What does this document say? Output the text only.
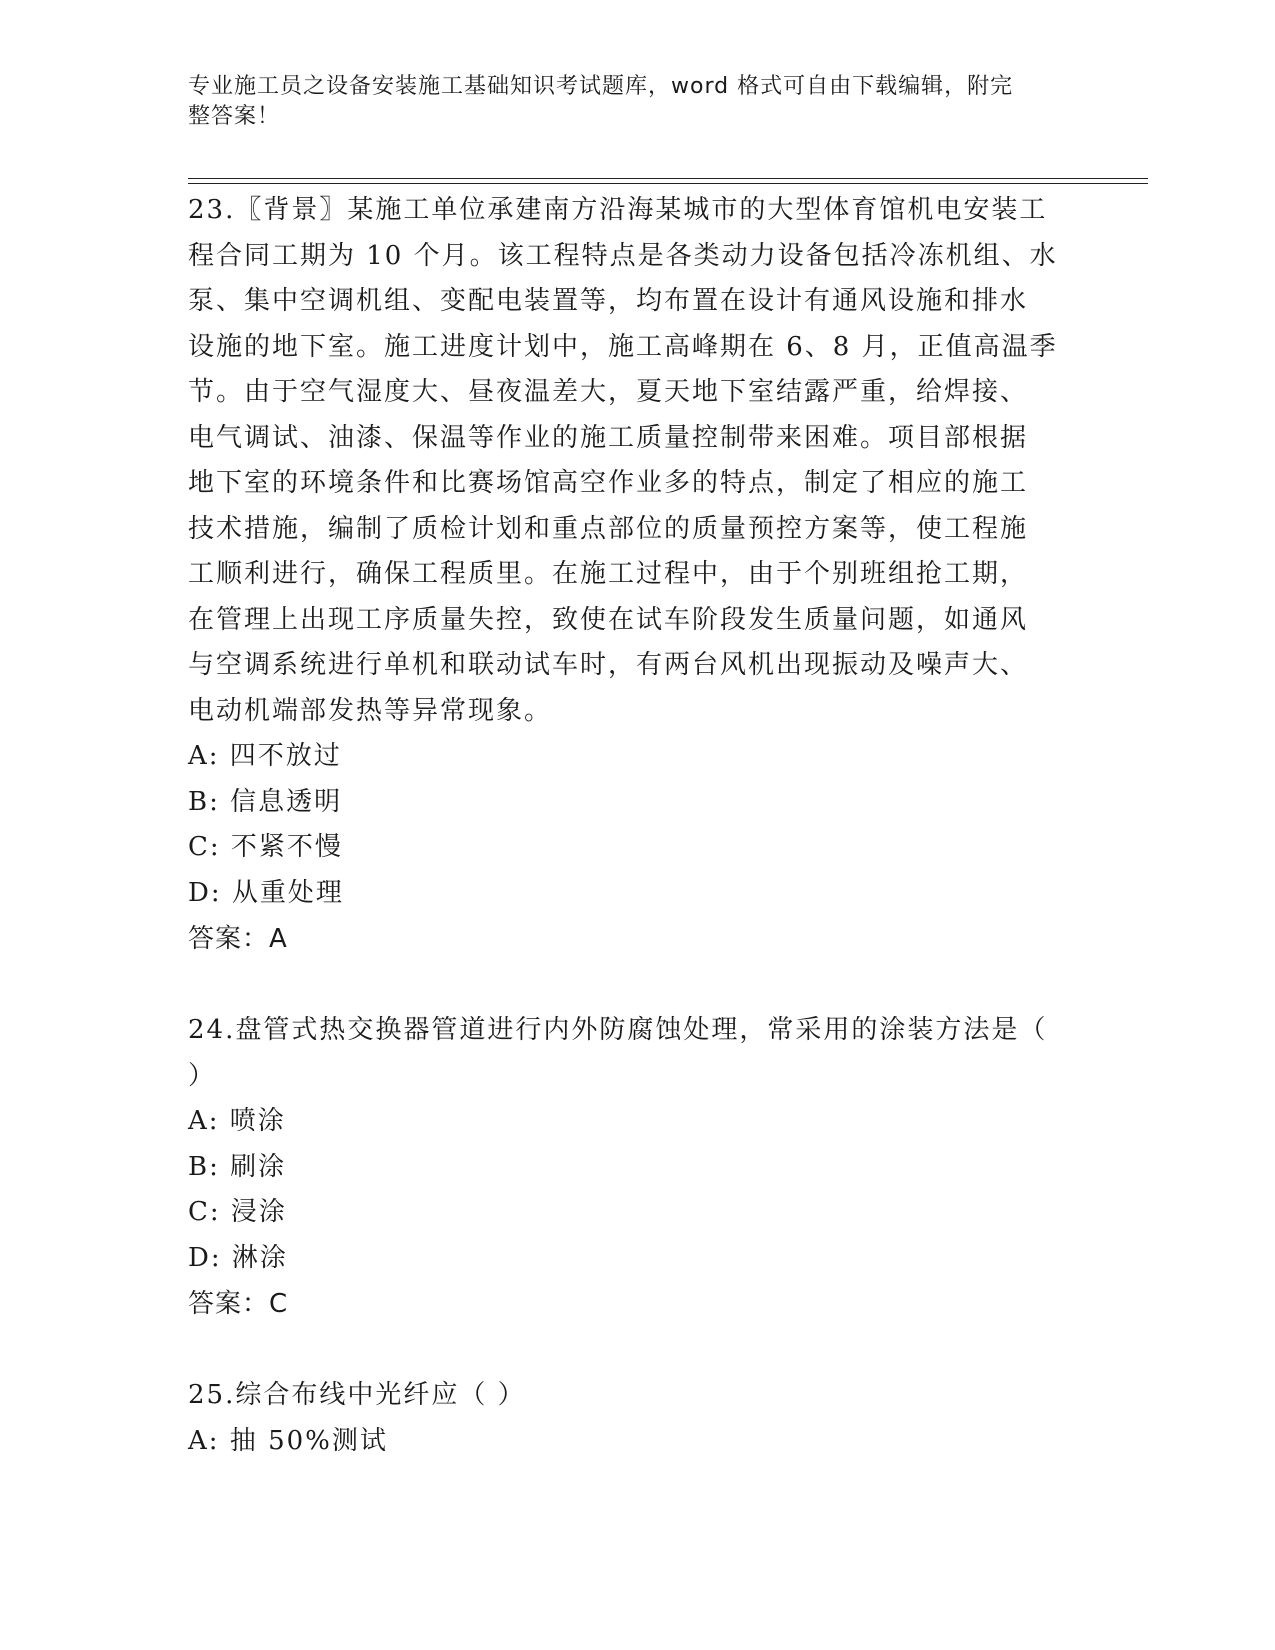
专业施工员之设备安装施工基础知识考试题库，word 格式可自由下载编辑，附完
整答案！

23.〖背景〗某施工单位承建南方沿海某城市的大型体育馆机电安装工

程合同工期为 10 个月。该工程特点是各类动力设备包括冷冻机组、水

泵、集中空调机组、变配电装置等，均布置在设计有通风设施和排水

设施的地下室。施工进度计划中，施工高峰期在 6、8 月，正值高温季

节。由于空气湿度大、昼夜温差大，夏天地下室结露严重，给焊接、

电气调试、油漆、保温等作业的施工质量控制带来困难。项目部根据

地下室的环境条件和比赛场馆高空作业多的特点，制定了相应的施工

技术措施，编制了质检计划和重点部位的质量预控方案等，使工程施

工顺利进行，确保工程质里。在施工过程中，由于个别班组抢工期，

在管理上出现工序质量失控，致使在试车阶段发生质量问题，如通风

与空调系统进行单机和联动试车时，有两台风机出现振动及噪声大、

电动机端部发热等异常现象。

A: 四不放过

B: 信息透明

C: 不紧不慢

D: 从重处理

答案：A

24.盘管式热交换器管道进行内外防腐蚀处理，常采用的涂装方法是（

）

A: 喷涂

B: 刷涂

C: 浸涂

D: 淋涂

答案：C

25.综合布线中光纤应（ ）

A: 抽 50%测试
